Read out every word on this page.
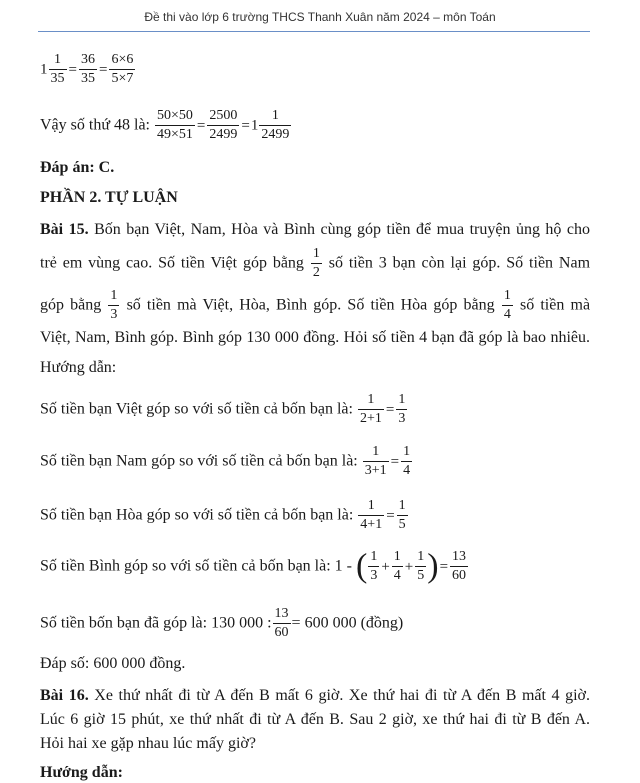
Đề thi vào lớp 6 trường THCS Thanh Xuân năm 2024 – môn Toán
$1 \frac{1}{35} = \frac{36}{35} = \frac{6\times 6}{5\times 7}$
Vậy số thứ 48 là: $\frac{50\times 50}{49\times 51} = \frac{2500}{2499} =1 \frac{1}{2499}$
Đáp án: C.
PHẦN 2. TỰ LUẬN
Bài 15. Bốn bạn Việt, Nam, Hòa và Bình cùng góp tiền để mua truyện ủng hộ cho
trẻ em vùng cao. Số tiền Việt góp bằng $\frac{1}{2}$ số tiền 3 bạn còn lại góp. Số tiền Nam
góp bằng $\frac{1}{3}$ số tiền mà Việt, Hòa, Bình góp. Số tiền Hòa góp bằng $\frac{1}{4}$ số tiền mà
Việt, Nam, Bình góp. Bình góp 130 000 đồng. Hỏi số tiền 4 bạn đã góp là bao nhiêu.
Hướng dẫn:
Số tiền bạn Việt góp so với số tiền cả bốn bạn là: $\frac{1}{2+1} = \frac{1}{3}$
Số tiền bạn Nam góp so với số tiền cả bốn bạn là: $\frac{1}{3+1} = \frac{1}{4}$
Số tiền bạn Hòa góp so với số tiền cả bốn bạn là: $\frac{1}{4+1} = \frac{1}{5}$
Số tiền Bình góp so với số tiền cả bốn bạn là: 1 - ( $\frac{1}{3} + \frac{1}{4} + \frac{1}{5}$ )= $\frac{13}{60}$
Số tiền bốn bạn đã góp là: 130 000 : $\frac{13}{60} = 600$ 000 (đồng)
Đáp số: 600 000 đồng.
Bài 16. Xe thứ nhất đi từ A đến B mất 6 giờ. Xe thứ hai đi từ A đến B mất 4 giờ.
Lúc 6 giờ 15 phút, xe thứ nhất đi từ A đến B. Sau 2 giờ, xe thứ hai đi từ B đến A.
Hỏi hai xe gặp nhau lúc mấy giờ?
Hướng dẫn:
